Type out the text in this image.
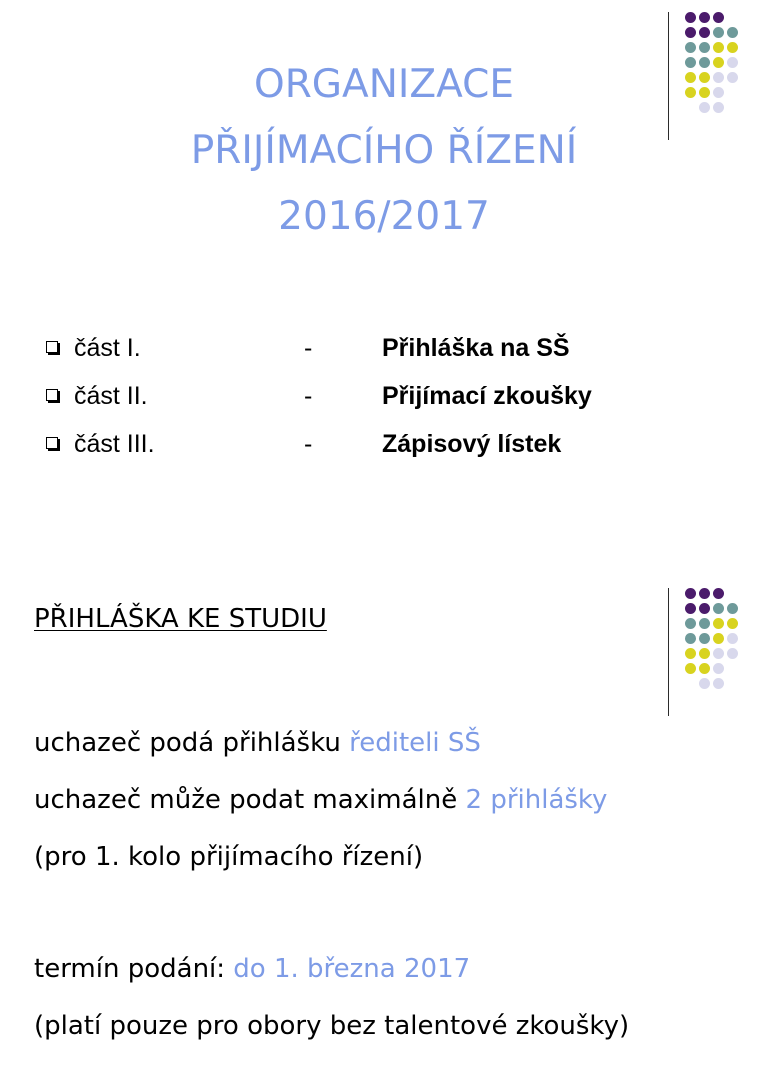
ORGANIZACE
PŘIJÍMACÍHO ŘÍZENÍ
2016/2017
část I.	-	Přihláška na SŠ
část II.	-	Přijímací zkoušky
část III.	-	Zápisový lístek
PŘIHLÁŠKA KE STUDIU
uchazeč podá přihlášku řediteli SŠ
uchazeč může podat maximálně 2 přihlášky
(pro 1. kolo přijímacího řízení)
termín podání: do 1. března 2017
(platí pouze pro obory bez talentové zkoušky)
